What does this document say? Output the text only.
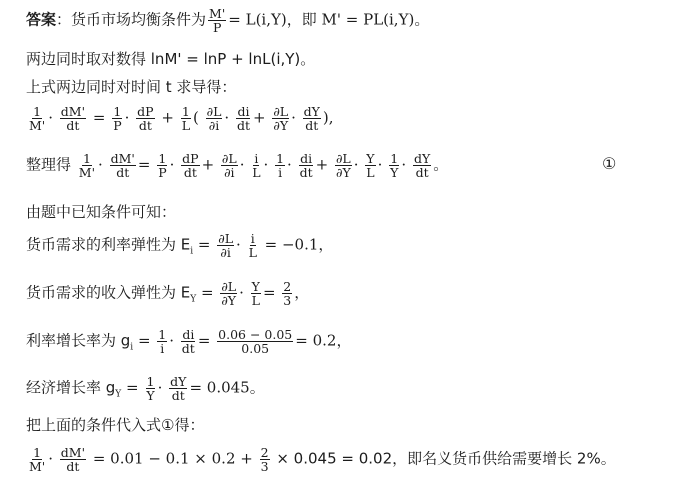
答案：货币市场均衡条件为 $\frac{M'}{P} = L(i,Y)$，即 M' = PL(i,Y)。
两边同时取对数得 lnM' = lnP + lnL(i,Y)。
上式两边同时对时间 t 求导得：
$\frac{1}{M'} \cdot \frac{dM'}{dt} = \frac{1}{P} \cdot \frac{dP}{dt} + \frac{1}{L}$ ( $\frac{\partial L}{\partial i} \cdot \frac{di}{dt} + \frac{\partial L}{\partial Y} \cdot \frac{dY}{dt}$ ),
整理得 $\frac{1}{M'} \cdot \frac{dM'}{dt} = \frac{1}{P} \cdot \frac{dP}{dt} + \frac{\partial L}{\partial i} \cdot \frac{i}{L} \cdot \frac{1}{i} \cdot \frac{di}{dt} + \frac{\partial L}{\partial Y} \cdot \frac{Y}{L} \cdot \frac{1}{Y} \cdot \frac{dY}{dt}$ 。	①
由题中已知条件可知：
货币需求的利率弹性为 $E_i = \frac{\partial L}{\partial i} \cdot \frac{i}{L} = -0.1$，
货币需求的收入弹性为 $E_Y = \frac{\partial L}{\partial Y} \cdot \frac{Y}{L} = \frac{2}{3}$ ，
利率增长率为 $g_i = \frac{1}{i} \cdot \frac{di}{dt} = \frac{0.06 - 0.05}{0.05} = 0.2$，
经济增长率 $g_Y = \frac{1}{Y} \cdot \frac{dY}{dt} = 0.045$。
把上面的条件代入式①得：
$\frac{1}{M'} \cdot \frac{dM'}{dt} = 0.01 - 0.1 \times 0.2 + \frac{2}{3} \times 0.045 = 0.02$，即名义货币供给需要增长 2%。
